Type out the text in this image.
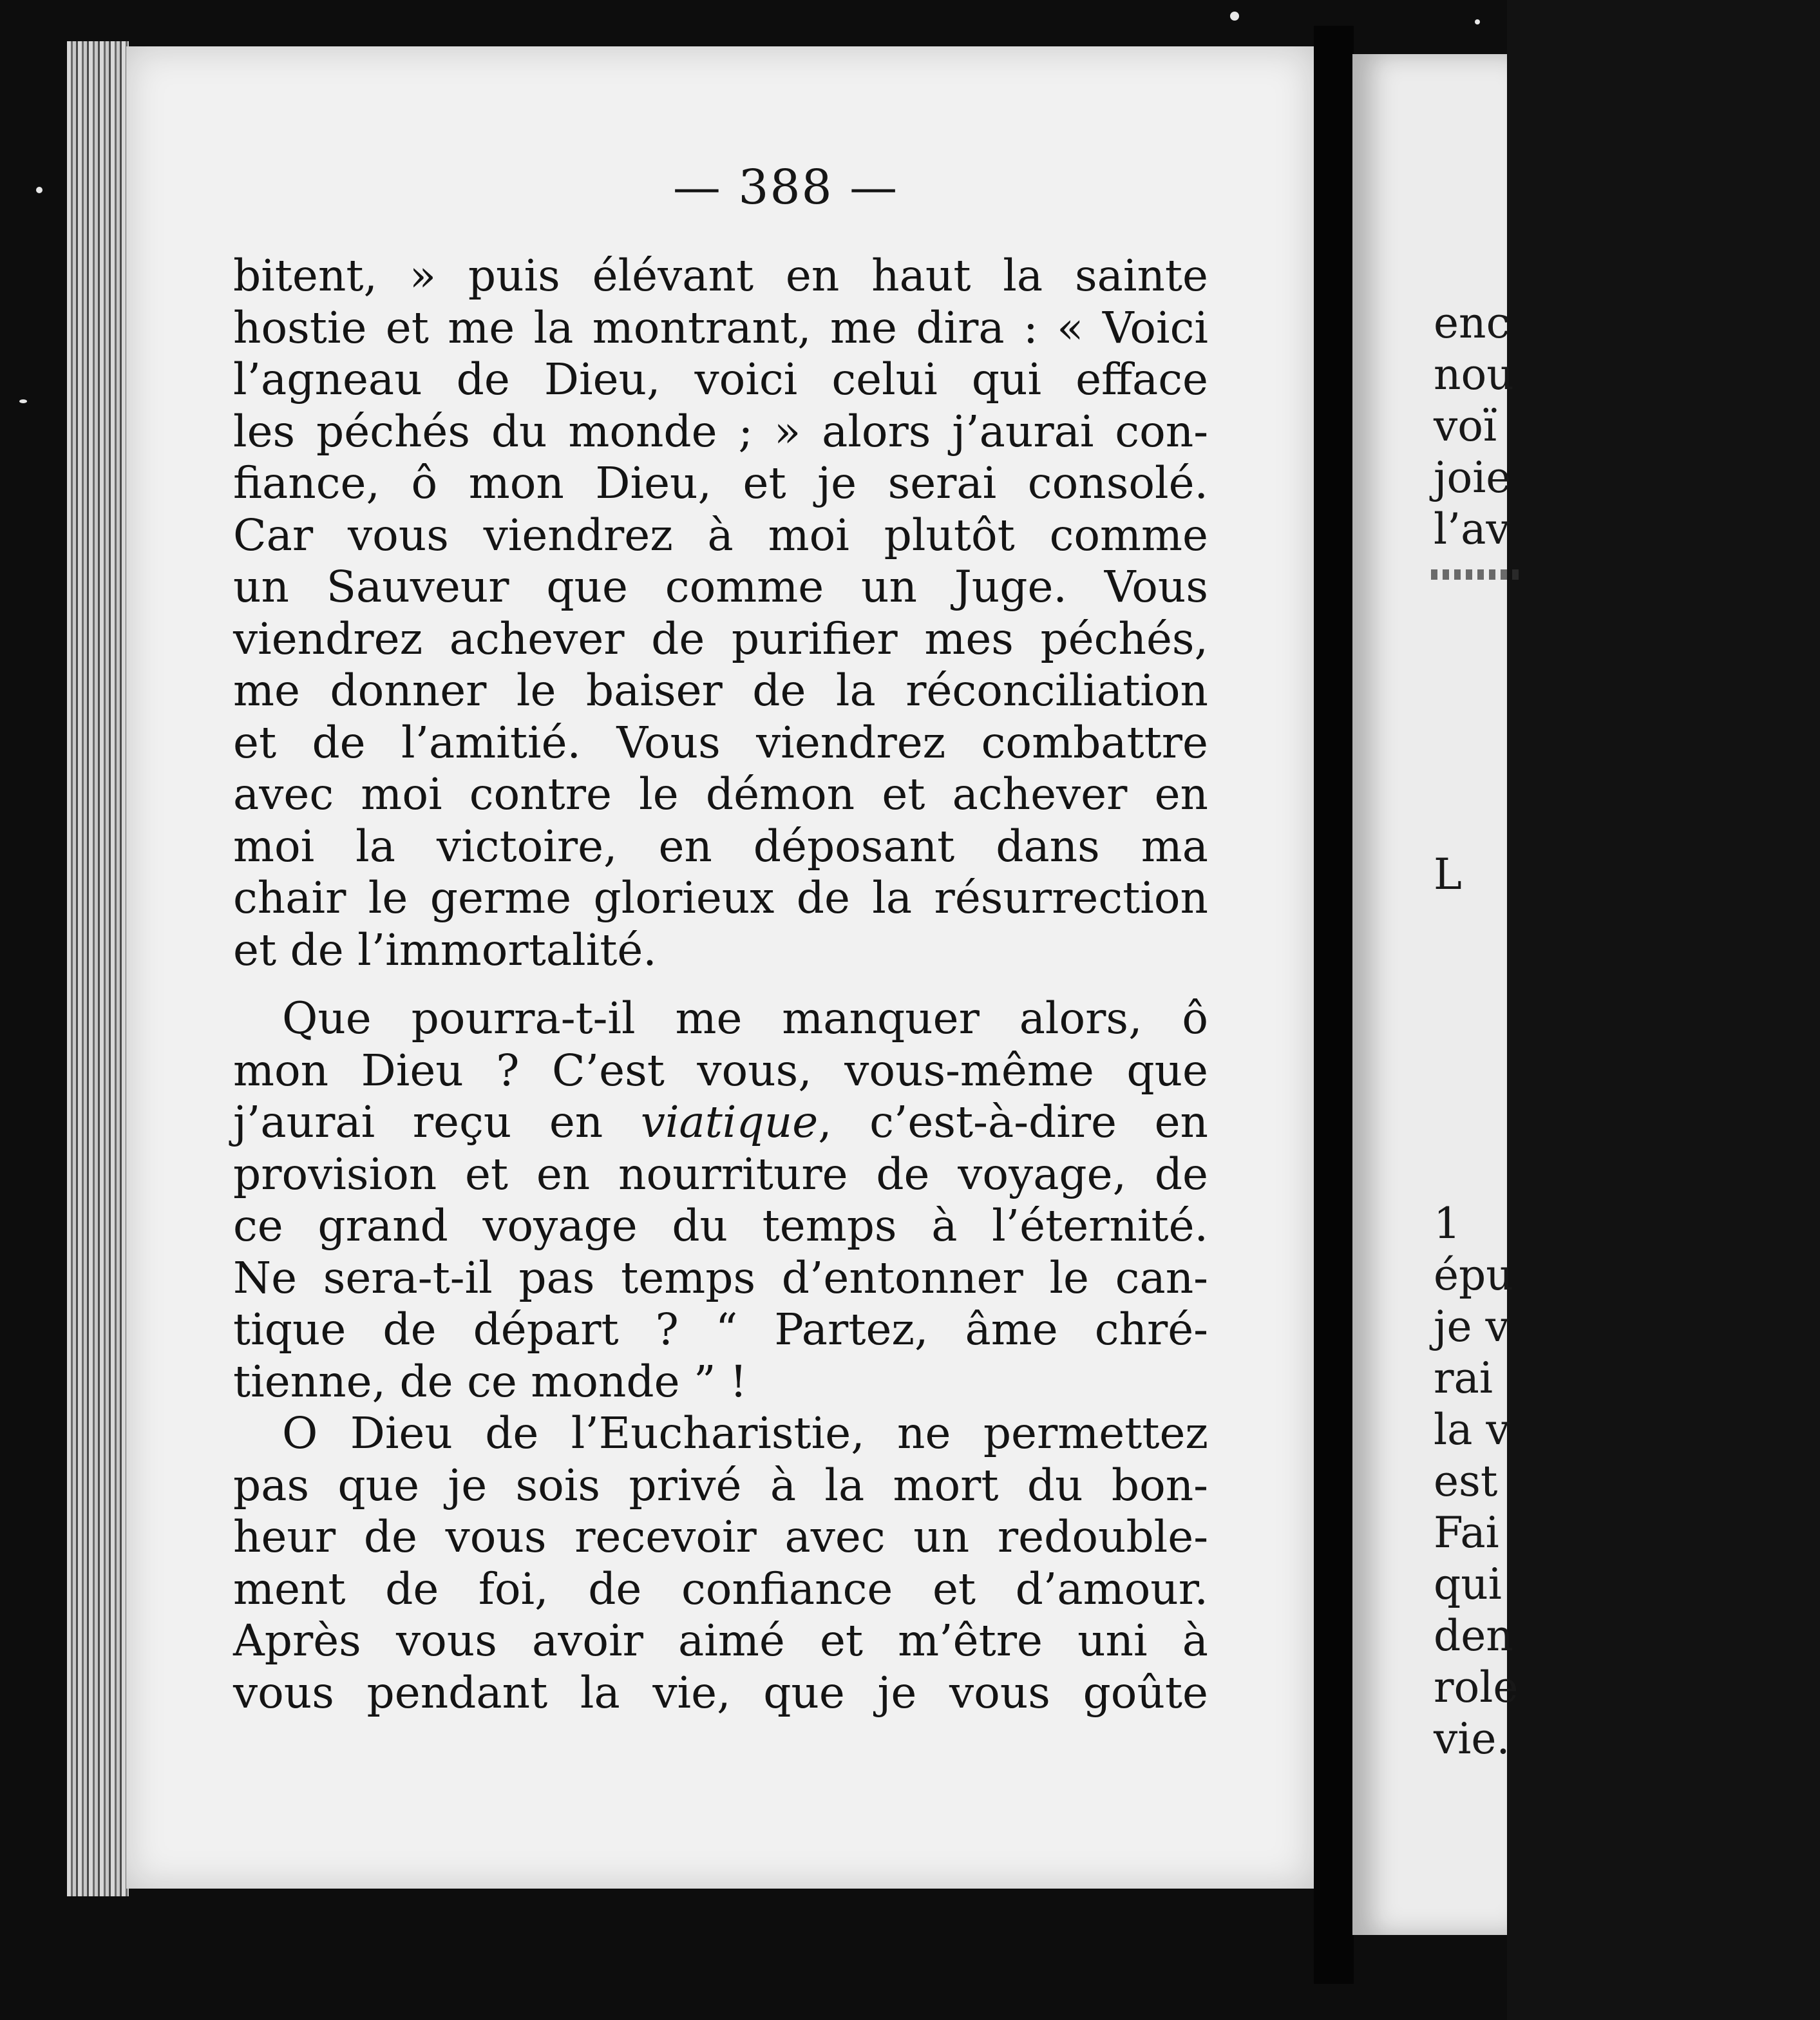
— 388 —
bitent, » puis élévant en haut la sainte
hostie et me la montrant, me dira : « Voici
l’agneau de Dieu, voici celui qui efface
les péchés du monde ; » alors j’aurai con-
fiance, ô mon Dieu, et je serai consolé.
Car vous viendrez à moi plutôt comme
un Sauveur que comme un Juge. Vous
viendrez achever de purifier mes péchés,
me donner le baiser de la réconciliation
et de l’amitié. Vous viendrez combattre
avec moi contre le démon et achever en
moi la victoire, en déposant dans ma
chair le germe glorieux de la résurrection
et de l’immortalité.
Que pourra-t-il me manquer alors, ô
mon Dieu ? C’est vous, vous-même que
j’aurai reçu en viatique, c’est-à-dire en
provision et en nourriture de voyage, de
ce grand voyage du temps à l’éternité.
Ne sera-t-il pas temps d’entonner le can-
tique de départ ? “ Partez, âme chré-
tienne, de ce monde ” !
O Dieu de l’Eucharistie, ne permettez
pas que je sois privé à la mort du bon-
heur de vous recevoir avec un redouble-
ment de foi, de confiance et d’amour.
Après vous avoir aimé et m’être uni à
vous pendant la vie, que je vous goûte
enc
nou
voï
joie
l’av
L
1
épu
je v
rai
la v
est
Fai
qui
den
role
vie.
